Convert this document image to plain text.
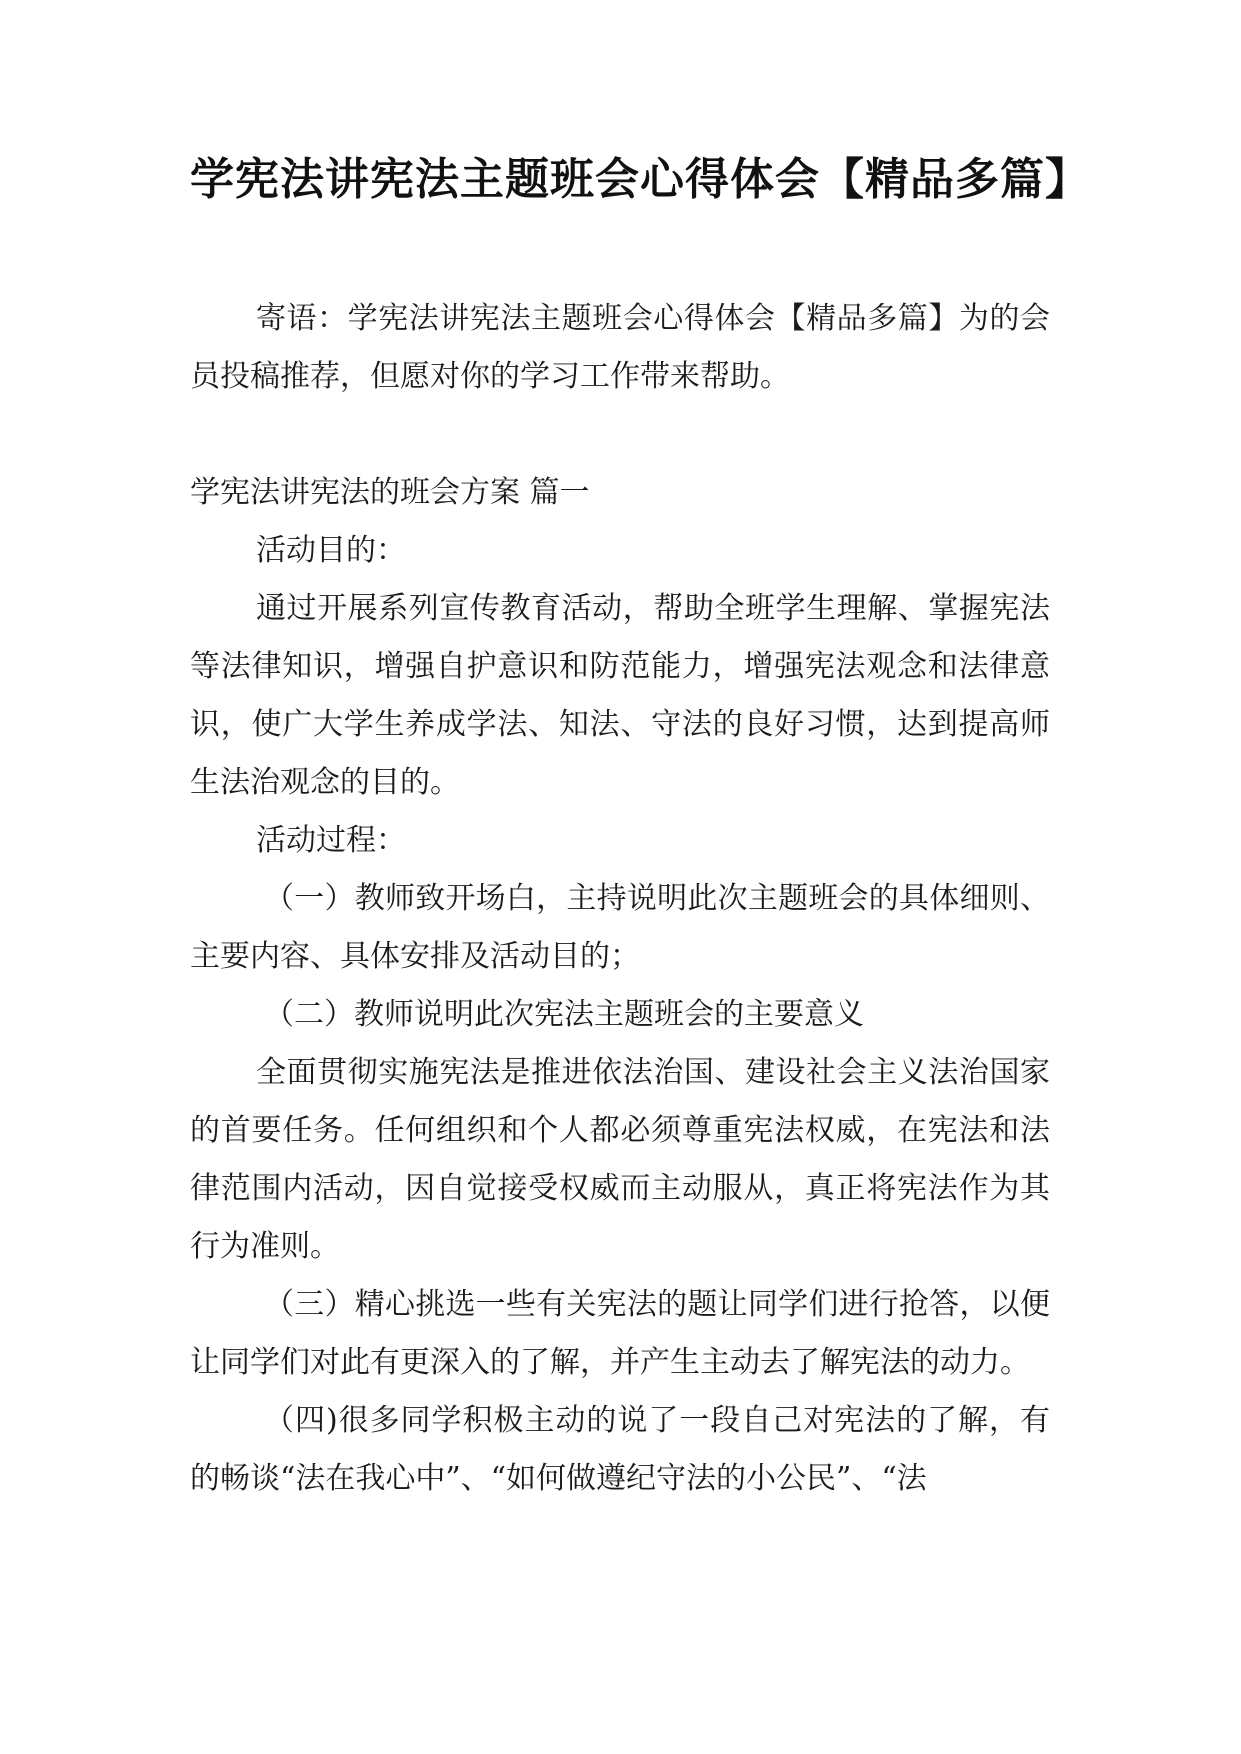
学宪法讲宪法主题班会心得体会【精品多篇】

寄语：学宪法讲宪法主题班会心得体会【精品多篇】为的会员投稿推荐，但愿对你的学习工作带来帮助。

学宪法讲宪法的班会方案 篇一

活动目的：

通过开展系列宣传教育活动，帮助全班学生理解、掌握宪法等法律知识，增强自护意识和防范能力，增强宪法观念和法律意识，使广大学生养成学法、知法、守法的良好习惯，达到提高师生法治观念的目的。

活动过程：

（一）教师致开场白，主持说明此次主题班会的具体细则、主要内容、具体安排及活动目的；

（二）教师说明此次宪法主题班会的主要意义

全面贯彻实施宪法是推进依法治国、建设社会主义法治国家的首要任务。任何组织和个人都必须尊重宪法权威，在宪法和法律范围内活动，因自觉接受权威而主动服从，真正将宪法作为其行为准则。

（三）精心挑选一些有关宪法的题让同学们进行抢答，以便让同学们对此有更深入的了解，并产生主动去了解宪法的动力。

（四)很多同学积极主动的说了一段自己对宪法的了解，有的畅谈“法在我心中”、“如何做遵纪守法的小公民”、“法
